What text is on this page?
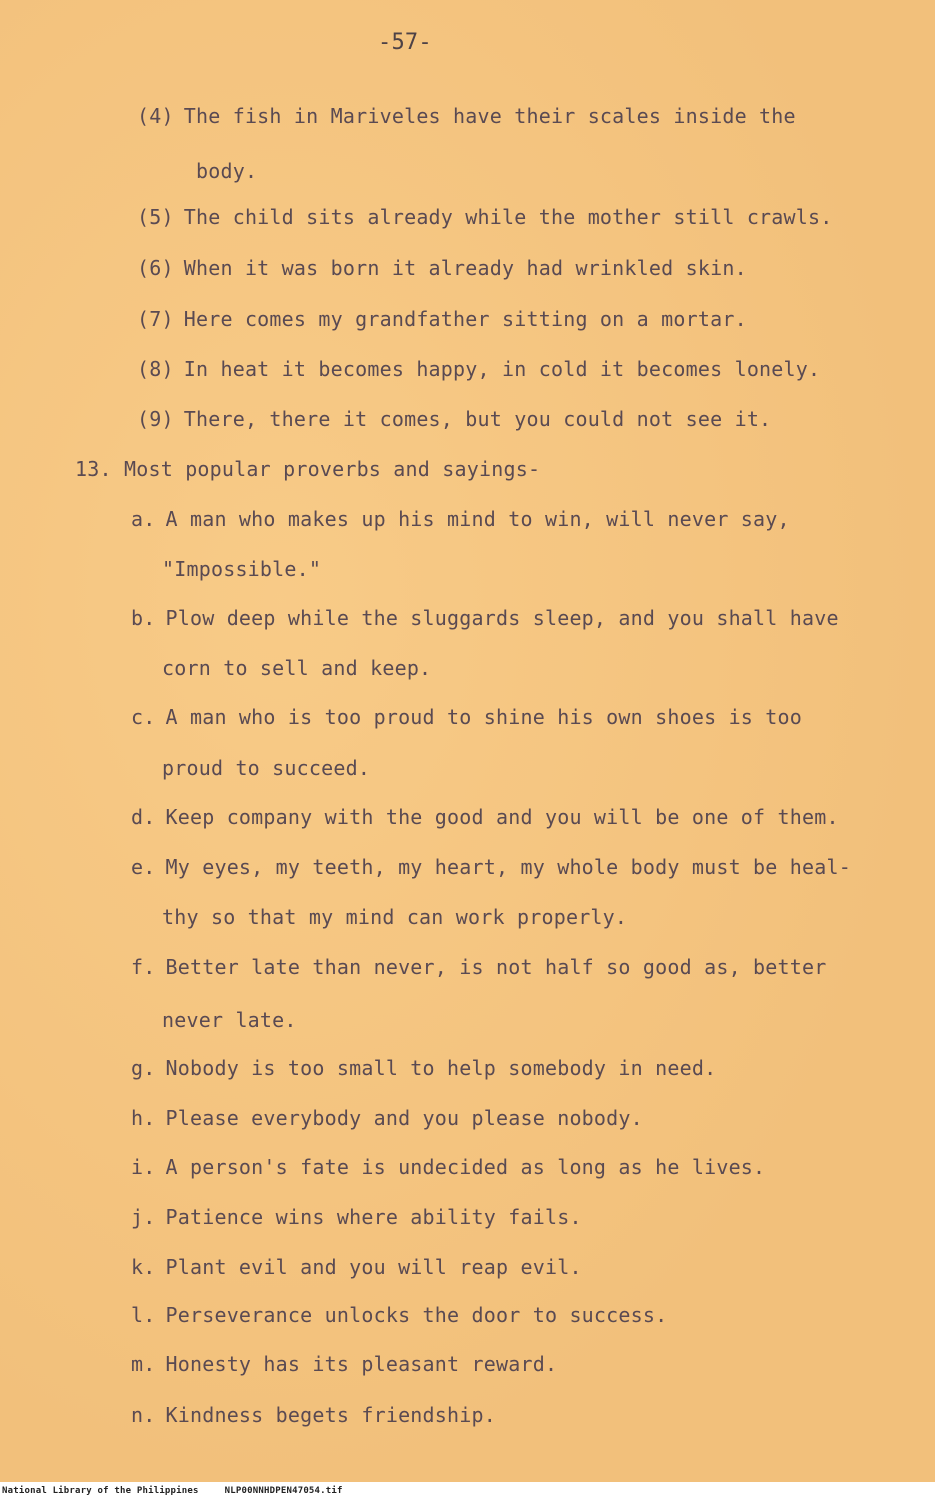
-57-
(4) The fish in Mariveles have their scales inside the
body.
(5) The child sits already while the mother still crawls.
(6) When it was born it already had wrinkled skin.
(7) Here comes my grandfather sitting on a mortar.
(8) In heat it becomes happy, in cold it becomes lonely.
(9) There, there it comes, but you could not see it.
13. Most popular proverbs and sayings-
a. A man who makes up his mind to win, will never say,
"Impossible."
b. Plow deep while the sluggards sleep, and you shall have
corn to sell and keep.
c. A man who is too proud to shine his own shoes is too
proud to succeed.
d. Keep company with the good and you will be one of them.
e. My eyes, my teeth, my heart, my whole body must be heal-
thy so that my mind can work properly.
f. Better late than never, is not half so good as, better
never late.
g. Nobody is too small to help somebody in need.
h. Please everybody and you please nobody.
i. A person's fate is undecided as long as he lives.
j. Patience wins where ability fails.
k. Plant evil and you will reap evil.
l. Perseverance unlocks the door to success.
m. Honesty has its pleasant reward.
n. Kindness begets friendship.
National Library of the Philippines	NLP00NNHDPEN47054.tif
